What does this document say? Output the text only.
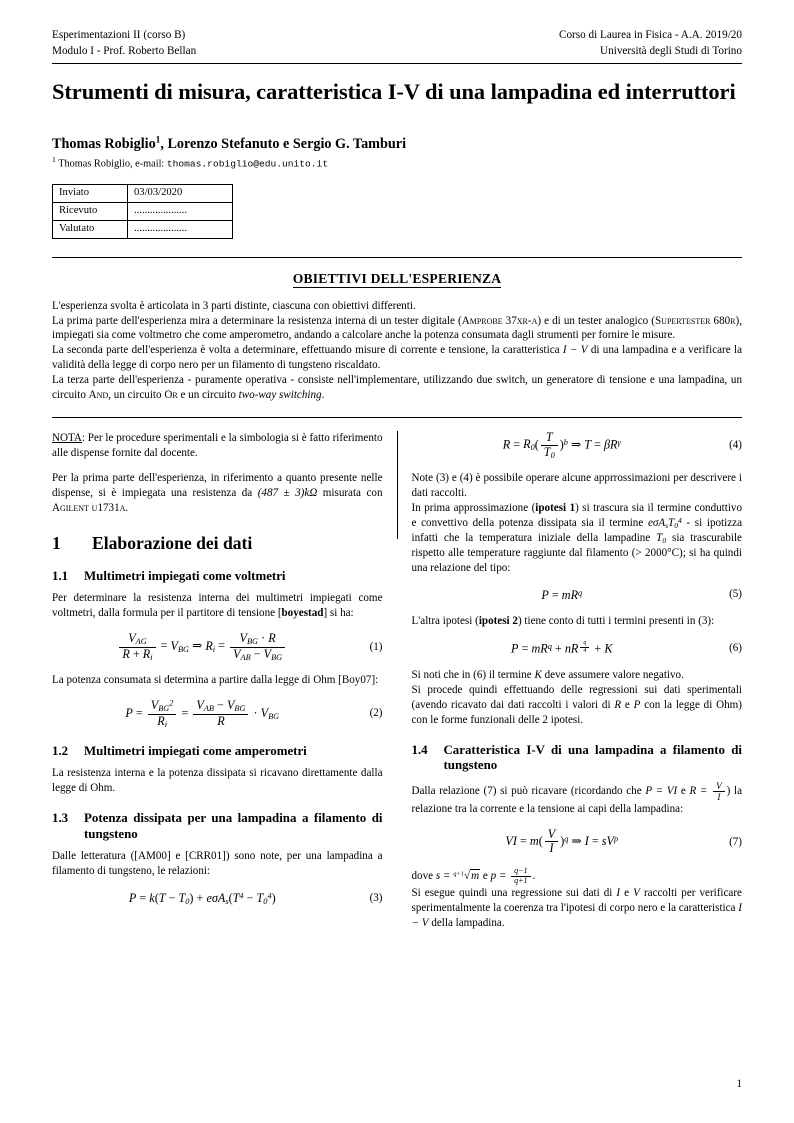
Esperimentazioni II (corso B)
Modulo I - Prof. Roberto Bellan
Corso di Laurea in Fisica - A.A. 2019/20
Università degli Studi di Torino
Strumenti di misura, caratteristica I-V di una lampadina ed interruttori
Thomas Robiglio$^1$, Lorenzo Stefanuto e Sergio G. Tamburi
$^1$ Thomas Robiglio, e-mail: thomas.robiglio@edu.unito.it
Inviato	03/03/2020
Ricevuto	....................
Valutato	....................
OBIETTIVI DELL'ESPERIENZA

L'esperienza svolta è articolata in 3 parti distinte, ciascuna con obiettivi differenti.

La prima parte dell'esperienza mira a determinare la resistenza interna di un tester digitale (Amprobe 37xr-a) e di un tester analogico (Supertester 680r), impiegati sia come voltmetro che come amperometro, andando a calcolare anche la potenza consumata dagli strumenti per fornire le misure.

La seconda parte dell'esperienza è volta a determinare, effettuando misure di corrente e tensione, la caratteristica I − V di una lampadina e a verificare la validità della legge di corpo nero per un filamento di tungsteno riscaldato.

La terza parte dell'esperienza - puramente operativa - consiste nell'implementare, utilizzando due switch, un generatore di tensione e una lampadina, un circuito And, un circuito Or e un circuito two-way switching.

NOTA: Per le procedure sperimentali e la simbologia si è fatto riferimento alle dispense fornite dal docente.

Per la prima parte dell'esperienza, in riferimento a quanto presente nelle dispense, si è impiegata una resistenza da (487 ± 3)kΩ misurata con Agilent u1731a.

1	Elaborazione dei dati
1.1	Multimetri impiegati come voltmetri

Per determinare la resistenza interna dei multimetri impiegati come voltmetri, dalla formula per il partitore di tensione [boyestad] si ha:

$\frac{V_{AG}}{R + R_i} = V_{BG}$ ⇒ $R_i = \frac{V_{BG} \cdot R}{V_{AB} - V_{BG}}$	(1)

La potenza consumata si determina a partire dalla legge di Ohm [Boy07]:

$P = \frac{V_{BG}^2}{R_i} = \frac{V_{AB} - V_{BG}}{R} \cdot V_{BG}$	(2)
1.2	Multimetri impiegati come amperometri

La resistenza interna e la potenza dissipata si ricavano direttamente dalla legge di Ohm.

1.3	Potenza dissipata per una lampadina a filamento di tungsteno

Dalle letteratura ([AM00] e [CRR01]) sono note, per una lampadina a filamento di tungsteno, le relazioni:

$P = k(T - T_0) + e\sigma A_s(T^4 - T_0^4)$	(3)
$R = R_0( \frac{T}{T_0} )^b$ ⇒ $T = \beta R^\gamma$	(4)

Note (3) e (4) è possibile operare alcune apprrossimazioni per descrivere i dati raccolti.

In prima approssimazione (ipotesi 1) si trascura sia il termine conduttivo e convettivo della potenza dissipata sia il termine $e\sigma A_sT_0^4$ - si ipotizza infatti che la temperatura iniziale della lampadine $T_0$ sia trascurabile rispetto alle temperature raggiunte dal filamento (> 2000°C); si ha quindi una relazione del tipo:

$P = mR^q$	(5)

L'altra ipotesi (ipotesi 2) tiene conto di tutti i termini presenti in (3):

$P = mR^q$ + nR $^{\frac{q}{4}}$ + K	(6)

Si noti che in (6) il termine K deve assumere valore negativo.

Si procede quindi effettuando delle regressioni sui dati sperimentali (avendo ricavato dai dati raccolti i valori di R e P con la legge di Ohm) con le forme funzionali delle 2 ipotesi.

1.4	Caratteristica I-V di una lampadina a filamento di tungsteno

Dalla relazione (7) si può ricavare (ricordando che P = VI e $R = \frac{V}{I}$ ) la relazione tra la corrente e la tensione ai capi della lampadina:

VI = $m( \frac{V}{I} )^q$ ⇒ $I = sV^p$	(7)

dove s = $^{q+1}$√m e $p = \frac{q-1}{q+1}$ .

Si esegue quindi una regressione sui dati di I e V raccolti per verificare sperimentalmente la coerenza tra l'ipotesi di corpo nero e la caratteristica I − V della lampadina.

1
